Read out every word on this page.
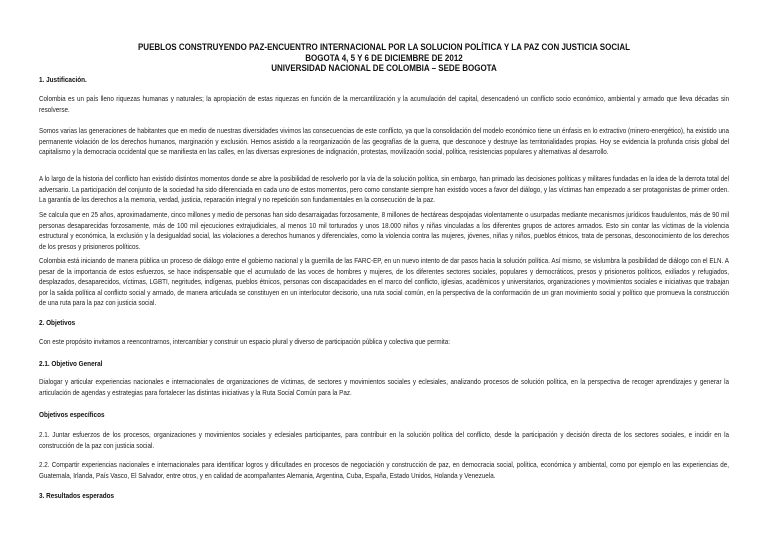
PUEBLOS CONSTRUYENDO PAZ-ENCUENTRO INTERNACIONAL POR LA SOLUCION POLÍTICA Y LA PAZ CON JUSTICIA SOCIAL
BOGOTA 4, 5 Y 6 DE DICIEMBRE DE 2012
UNIVERSIDAD NACIONAL DE COLOMBIA – SEDE BOGOTA
1. Justificación.
Colombia es un país lleno riquezas humanas y naturales; la apropiación de estas riquezas en función de la mercantilización y la acumulación del capital, desencadenó un conflicto socio económico, ambiental y armado que lleva décadas sin resolverse.
Somos varias las generaciones de habitantes que en medio de nuestras diversidades vivimos las consecuencias de este conflicto, ya que la consolidación del modelo económico tiene un énfasis en lo extractivo (minero-energético), ha existido una permanente violación de los derechos humanos, marginación y exclusión. Hemos asistido a la reorganización de las geografías de la guerra, que desconoce y destruye las territorialidades propias. Hoy se evidencia la profunda crisis global del capitalismo y la democracia occidental que se manifiesta en las calles, en las diversas expresiones de indignación, protestas, movilización social, política, resistencias populares y alternativas al desarrollo.
A lo largo de la historia del conflicto han existido distintos momentos donde se abre la posibilidad de resolverlo por la vía de la solución política, sin embargo, han primado las decisiones políticas y militares fundadas en la idea de la derrota total del adversario. La participación del conjunto de la sociedad ha sido diferenciada en cada uno de estos momentos, pero como constante siempre han existido voces a favor del diálogo, y las víctimas han empezado a ser protagonistas de primer orden. La garantía de los derechos a la memoria, verdad, justicia, reparación integral y no repetición son fundamentales en la consecución de la paz.
Se calcula que en 25 años, aproximadamente, cinco millones y medio de personas han sido desarraigadas forzosamente, 8 millones de hectáreas despojadas violentamente o usurpadas mediante mecanismos jurídicos fraudulentos, más de 90 mil personas desaparecidas forzosamente, más de 100 mil ejecuciones extrajudiciales, al menos 10 mil torturados y unos 18.000 niños y niñas vinculadas a los diferentes grupos de actores armados. Esto sin contar las víctimas de la violencia estructural y económica, la exclusión y la desigualdad social, las violaciones a derechos humanos y diferenciales, como la violencia contra las mujeres, jóvenes, niñas y niños, pueblos étnicos, trata de personas, desconocimiento de los derechos de los presos y prisioneros políticos.
Colombia está iniciando de manera pública un proceso de diálogo entre el gobierno nacional y la guerrilla de las FARC-EP, en un nuevo intento de dar pasos hacia la solución política. Así mismo, se vislumbra la posibilidad de diálogo con el ELN. A pesar de la importancia de estos esfuerzos, se hace indispensable que el acumulado de las voces de hombres y mujeres, de los diferentes sectores sociales, populares y democráticos, presos y prisioneros políticos, exiliados y refugiados, desplazados, desaparecidos, víctimas, LGBTI, negritudes, indígenas, pueblos étnicos, personas con discapacidades en el marco del conflicto, iglesias, académicos y universitarios, organizaciones y movimientos sociales e iniciativas que trabajan por la salida política al conflicto social y armado, de manera articulada se constituyen en un interlocutor decisorio, una ruta social común, en la perspectiva de la conformación de un gran movimiento social y político que promueva la construcción de una ruta para la paz con justicia social.
2. Objetivos
Con este propósito invitamos a reencontrarnos, intercambiar y construir un espacio plural y diverso de participación pública y colectiva que permita:
2.1. Objetivo General
Dialogar y articular experiencias nacionales e internacionales de organizaciones de víctimas, de sectores y movimientos sociales y eclesiales, analizando procesos de solución política, en la perspectiva de recoger aprendizajes y generar la articulación de agendas y estrategias para fortalecer las distintas iniciativas y la Ruta Social Común para la Paz.
Objetivos específicos
2.1. Juntar esfuerzos de los procesos, organizaciones y movimientos sociales y eclesiales participantes, para contribuir en la solución política del conflicto, desde la participación y decisión directa de los sectores sociales, e incidir en la construcción de la paz con justicia social.
2.2. Compartir experiencias nacionales e internacionales para identificar logros y dificultades en procesos de negociación y construcción de paz, en democracia social, política, económica y ambiental, como por ejemplo en las experiencias de, Guatemala, Irlanda, País Vasco, El Salvador, entre otros, y en calidad de acompañantes Alemania, Argentina, Cuba, España, Estado Unidos, Holanda y Venezuela.
3. Resultados esperados
